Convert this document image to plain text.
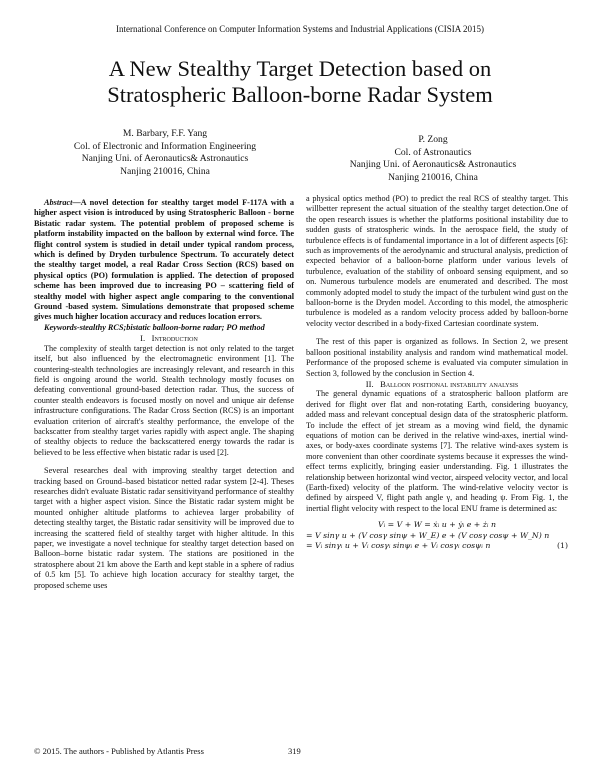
International Conference on Computer Information Systems and Industrial Applications (CISIA 2015)
A New Stealthy Target Detection based on
Stratospheric Balloon-borne Radar System
M. Barbary, F.F. Yang
Col. of Electronic and Information Engineering
Nanjing Uni. of Aeronautics& Astronautics
Nanjing 210016, China
P. Zong
Col. of Astronautics
Nanjing Uni. of Aeronautics& Astronautics
Nanjing 210016, China

Abstract—A novel detection for stealthy target model F-117A with a higher aspect vision is introduced by using Stratospheric Balloon - borne Bistatic radar system. The potential problem of proposed scheme is platform instability impacted on the balloon by external wind force. The flight control system is studied in detail under typical random process, which is defined by Dryden turbulence Spectrum. To accurately detect the stealthy target model, a real Radar Cross Section (RCS) based on physical optics (PO) formulation is applied. The detection of proposed scheme has been improved due to increasing PO – scattering field of stealthy model with higher aspect angle comparing to the conventional Ground -based system. Simulations demonstrate that proposed scheme gives much higher location accuracy and reduces location errors.

Keywords-stealthy RCS;bistatic balloon-borne radar; PO method

I. Introduction

The complexity of stealth target detection is not only related to the target itself, but also influenced by the electromagnetic environment [1]. The countering-stealth technologies are increasingly relevant, and research in this field is ongoing around the world. Stealth technology mostly focuses on defeating conventional ground-based detection radar. Thus, the success of counter stealth endeavors is focused mostly on novel and unique air defense infrastructure configurations. The Radar Cross Section (RCS) is an important evaluation criterion of aircraft's stealthy performance, the envelope of the backscatter from stealthy target varies rapidly with aspect angle. The shaping of stealthy objects to reduce the backscattered energy towards the radar is believed to be less effective when bistatic radar is used [2].

Several researches deal with improving stealthy target detection and tracking based on Ground–based bistaticor netted radar system [2-4]. Theses researches didn't evaluate Bistatic radar sensitivityand performance of stealthy target with a higher aspect vision. Since the Bistatic radar system might be mounted onhigher altitude platforms to achievea larger probability of detecting stealthy target, the Bistatic radar sensitivity will be improved due to increasing the scattered field of stealthy target with higher altitude. In this paper, we investigate a novel technique for stealthy target detection based on Balloon–borne bistatic radar system. The stations are positioned in the stratosphere about 21 km above the Earth and kept stable in a sphere of radius of 0.5 km [5]. To achieve high location accuracy for stealthy target, the proposed scheme uses

a physical optics method (PO) to predict the real RCS of stealthy target. This willbetter represent the actual situation of the stealthy target detection.One of the open research issues is whether the platforms positional instability due to sudden gusts of stratospheric winds. In the aerospace field, the study of turbulence effects is of fundamental importance in a lot of different aspects [6]: such as improvements of the aerodynamic and structural analysis, prediction of expected behavior of a balloon-borne platform under various levels of turbulence, evaluation of the stability of onboard sensing equipment, and so on. Numerous turbulence models are enumerated and described. The most commonly adopted model to study the impact of the turbulent wind gust on the balloon-borne is the Dryden model. According to this model, the atmospheric turbulence is modeled as a random velocity process added by balloon-borne velocity vector described in a body-fixed Cartesian coordinate system.

The rest of this paper is organized as follows. In Section 2, we present balloon positional instability analysis and random wind mathematical model. Performance of the proposed scheme is evaluated via computer simulation in Section 3, followed by the conclusion in Section 4.

II. Balloon positional instability analysis

The general dynamic equations of a stratospheric balloon platform are derived for flight over flat and non-rotating Earth, considering buoyancy, added mass and relevant conceptual design data of the stratospheric platform. To include the effect of jet stream as a moving wind field, the dynamic equations of motion can be derived in the relative wind-axes, inertial wind-axes, or body-axes coordinate systems [7]. The relative wind-axes system is more convenient than other coordinate systems because it expresses the wind-effect terms explicitly, bringing easier understanding. Fig. 1 illustrates the relationship between horizontal wind vector, airspeed velocity vector, and local (Earth-fixed) velocity of the platform. The wind-relative velocity vector is defined by airspeed V, flight path angle γ, and heading ψ. From Fig. 1, the inertial flight velocity with respect to the local ENU frame is determined as:

Vᵢ = V + W = ẋᵢ u + ẏᵢ e + żᵢ n
= V sinγ u + (V cosγ sinψ + W_E) e + (V cosγ cosψ + W_N) n
= Vᵢ sinγᵢ u + Vᵢ cosγᵢ sinψᵢ e + Vᵢ cosγᵢ cosψᵢ n	(1)
© 2015. The authors - Published by Atlantis Press	319
